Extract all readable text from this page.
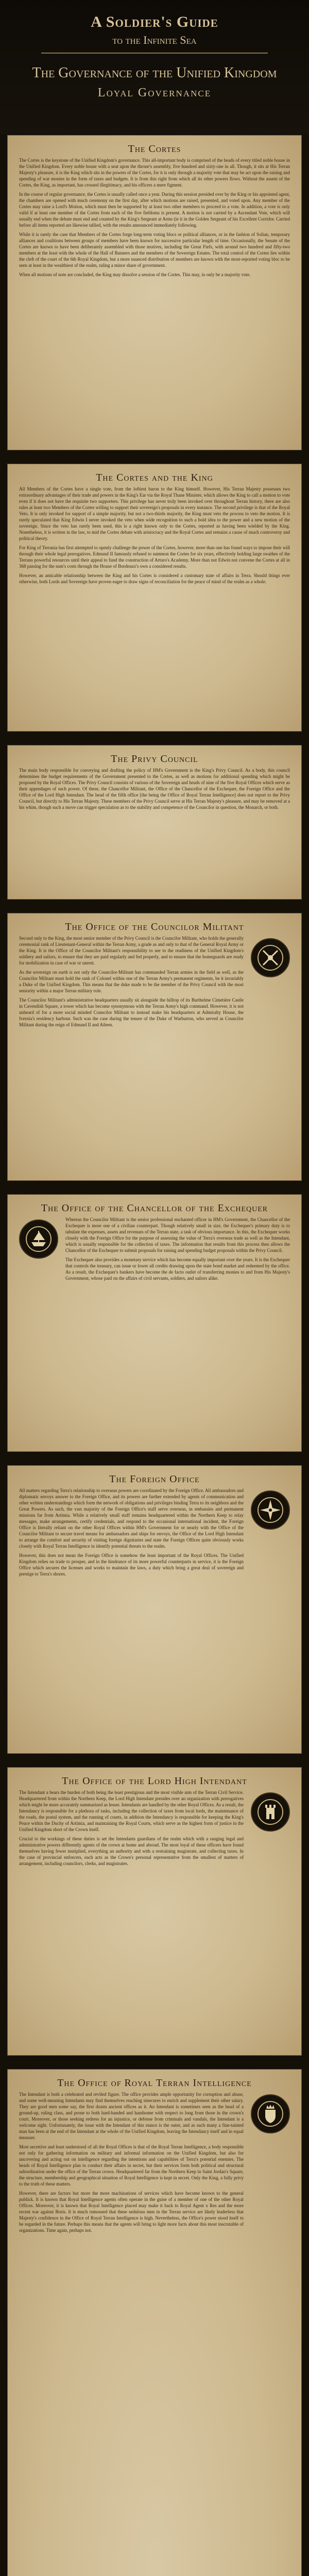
A Soldier's Guide
to the Infinite Sea
The Governance of the Unified Kingdom
Loyal Governance
The Cortes

The Cortes is the keystone of the Unified Kingdom's governance. This all-important body is comprised of the heads of every titled noble house in the Unified Kingdom. Every noble house with a seat upon the throne's assembly, five hundred and sixty-one in all. Though, it sits at His Terran Majesty's pleasure, it is the King which sits in the powers of the Cortes, for it is only through a majority vote that may be act upon the raising and spending of war monies in the form of taxes and budgets. It is from this right from which all its other powers flows. Without the assent of the Cortes, the King, as important, has crossed illegitimacy, and his officers a mere figment.

In the course of regular governance, the Cortes is usually called once a year. During this session presided over by the King or his appointed agent, the chambers are opened with much ceremony on the first day, after which motions are raised, presented, and voted upon. Any member of the Cortes may raise a Lord's Motion, which must then be supported by at least two other members to proceed to a vote. In addition, a vote is only valid if at least one member of the Cortes from each of the five fiefdoms is present. A motion is not carried by a Ascendant Vote, which will usually end when the debate must end and counted by the King's Sergeant at Arms (ie it in the Golden Sergeant of his Excellent Corridor. Carried before all items reported are likewise tallied, with the results announced immediately following.

While it is rarely the case that Members of the Cortes forge long-term voting blocs or political alliances, or in the fashion of Solian, temporary alliances and coalitions between groups of members have been known for successive particular length of time. Occasionally, the Senate of the Cortes are known to have been deliberately assembled with those motives, including the Great Fiefs, with around two hundred and fifty-two members at the least with the whole of the Hall of Banners and the members of the Sovereign Estates. The total control of the Cortes lies within the cleft of the court of the 6th Royal Kingdom, but a more nuanced distribution of members are known with the most-reported voting bloc to be seen at least in the wealthiest of the realm, ruling a minor share of government.

When all motions of note are concluded, the King may dissolve a session of the Cortes. This may, in only be a majority vote.

The Cortes and the King

All Members of the Cortes have a single vote, from the loftiest baron to the King himself. However, His Terran Majesty possesses two extraordinary advantages of their trade and powers in the King's Ear via the Royal Thane Minister, which allows the King to call a motion to vote even if it does not have the requisite two supporters. This privilege has never truly been invoked over throughout Terran history, there are also rules at least two Members of the Cortes willing to support their sovereign's proposals in every instance. The second privilege is that of the Royal Veto. It is only invoked for support of a simple majority, but not a two-thirds majority, the King must veto the process to veto the motion. It is rarely speculated that King Edwin I never invoked the veto when wide recognition to such a bold idea to the power and a new motion of the sovereign. Since the veto has rarely been used, this is a right known only to the Cortes, reported as having been wielded by the King. Nonetheless, it is written in the law, to mid the Cortes debate with aristocracy and the Royal Cortes and remains a cause of much controversy and political theory.

For King of Terrania has first attempted to openly challenge the power of the Cortes, however, more than one has found ways to impose their will through their whole legal prerogatives. Edmund II famously refused to summon the Cortes for six years, effectively holding large swathes of the Terrans powerful resources until their appeal to fund the construction of Arturo's Academy. More than not Edwin not convene the Cortes at all in 368 passing for the sum's costs through the House of Bordeaux's own a considered results.

However, an amicable relationship between the King and his Cortes is considered a customary state of affairs in Terra. Should things ever otherwise, both Lords and Sovereign have proven eager to draw signs of reconciliation for the peace of mind of the realm as a whole.

The Privy Council

The main body responsible for conveying and drafting the policy of HM's Government is the King's Privy Council. As a body, this council determines the budget requirements of the Government presented to the Cortes, as well as motions for additional spending which might be proposed by the Royal Offices. The Privy Council consists of various of the Sovereign and heads of nine of the five Royal Offices which serve as their appendages of such power. Of these, the Chancellor Militant, the Office of the Chancellor of the Exchequer, the Foreign Office and the Office of the Lord High Intendant. The head of the fifth office [the being the Office of Royal Terran Intelligence] does not report to the Privy Council, but directly to His Terran Majesty. These members of the Privy Council serve at His Terran Majesty's pleasure, and may be removed at a his whim, though such a move can trigger speculation as to the stability and competence of the Councilor in question, the Monarch, or both.

The Office of the Councilor Militant

Second only to the King, the most senior member of the Privy Council is the Councilor Militant, who holds the generally ceremonial rank of Lieutenant-General within the Terran Army, a grade as and only to that of the General Royal Army or the King. It is the Office of the Councilor Militant's responsibility to see to the readiness of the Unified Kingdom's soldiery and sailors, to ensure that they are paid regularly and fed properly, and to ensure that the homeguards are ready for mobilization in case of war or unrest.

As the sovereign on earth is not only the Councilor-Militant has commanded Terran armies in the field as well, as the Councilor Militant must hold the rank of Colonel within one of the Terran Army's permanent regiments, be it invariably a Duke of the Unified Kingdom. This means that the duke made to be the member of the Privy Council with the most seniority within a major Terran military role.

The Councilor Militant's administrative headquarters usually sit alongside the hilltop of its Barthelme Cimetière Castle in Cavendish Square, a tower which has become synonymous with the Terran Army's high command. However, it is not unheard of for a more social minded Councilor Militant to instead make his headquarters at Admiralty House, the Ivernia's residency harbour. Such was the case during the tenure of the Duke of Warburton, who served as Councilor Militant during the reign of Edmund II and Aileen.

The Office of the Chancellor of the Exchequer

Whereas the Councilor Militant is the senior professional enchanted officer in HM's Government, the Chancellor of the Exchequer is more one of a civilian counterpart. Though relatively small in size, the Exchequer's primary duty is to tabulate the expenses, assets and revenues of the Terran state, a task of obvious importance. In this, the Exchequer works closely with the Foreign Office for the purpose of assessing the value of Terra's overseas trade as well as the Intendant, which is usually responsible for the collection of taxes. The information that results from this process then allows the Chancellor of the Exchequer to submit proposals for raising and spending budget proposals within the Privy Council.

The Exchequer also provides a monetary service which has become equally important over the years. It is the Exchequer that controls the treasury, can issue or lower all credits drawing upon the state bond market and redeemed by the office. As a result, the Exchequer's bankers have become the de facto outlet of transferring monies to and from His Majesty's Government, whose paid on the affairs of civil servants, soldiers, and sailors alike.

The Foreign Office

All matters regarding Terra's relationship to overseas powers are coordinated by the Foreign Office. All ambassadors and diplomatic envoys answer to the Foreign Office, and its powers are further extended by agents of communication and other written understandings which form the network of obligations and privileges binding Terra to its neighbors and the Great Powers. As such, the vast majority of the Foreign Office's staff serve overseas, in embassies and permanent missions far from Artimia. While a relatively small staff remains headquartered within the Northern Keep to relay messages, make arrangements, certify credentials, and respond to the occasional international incident, the Foreign Office is literally reliant on the other Royal Offices within HM's Government for or nearly with the Office of the Councilor Militant to secure travel means for ambassadors and ships for envoys, the Office of the Lord High Intendant to arrange the comfort and security of visiting foreign dignitaries and state the Foreign Offices quite obviously works closely with Royal Terran Intelligence in identify potential threats to the realm.

However, this does not mean the Foreign Office is somehow the least important of the Royal Offices. The Unified Kingdom relies on trade to prosper, and in the hindrance of its more powerful counterparts in service, it is the Foreign Office which secures the licenses and works to maintain the laws, a duty which bring a great deal of sovereign and prestige to Terra's shores.

The Office of the Lord High Intendant

The Intendant a bears the burden of both being the least prestigious and the most visible arm of the Terran Civil Service. Headquartered from within the Northern Keep, the Lord High Intendant presides over an organization with prerogatives which might be more accurately summarized as lesser. Intendants are handled by the other Royal Offices. As a result, the Intendancy is responsible for a plethora of tasks, including the collection of taxes from local lords, the maintenance of the roads, the postal system, and the running of courts, in addition the Intendancy is responsible for keeping the King's Peace within the Duchy of Artimia, and maintaining the Royal Courts, which serve as the highest form of justice in the Unified Kingdom short of the Crown itself.

Crucial to the workings of these duties is set the Intendants guardians of the realm which with a ranging legal and administrative powers differently agents of the crown at home and abroad. The most loyal of these officers have found themselves having fewer mutiplied, everything an authority and with a restraining magistrate, and collecting taxes. In the case of provincial enforcers, each acts as the Crown's personal representative from the smallest of matters of arrangement, including councilors, clerks, and magistrates.

The Office of Royal Terran Intelligence

The Intendant is both a celebrated and reviled figure. The office provides ample opportunity for corruption and abuse, and some well-meaning Intendants may find themselves reaching sinecures to enrich and supplement their other salary. They are good men some say, the first dozen ancient offices as it. An Intendant is sometimes seen as the head of a ground-up, ruling class, and prone to both hard-handed and handsome with respect to long from those in the crown's court. Moreover, or those seeking redress for an injustice, or defense from criminals and vandals, the Intendant is a welcome sight. Unfortunately, the issue with the Intendant of this stance is the outer, and as such many a fine-tainted man has been at the end of the Intendant at the whole of the Unified Kingdom, leaving the Intendancy itself and in equal measure.

Most secretive and least understood of all the Royal Offices is that of the Royal Terran Intelligence, a body responsible not only for gathering information on military and informal information on the Unified Kingdom, but also for uncovering and acting out on intelligence regarding the intentions and capabilities of Terra's potential enemies. The heads of Royal Intelligence plan to conduct their affairs in secret, but their services form both political and structural subordination under the office of the Terran crown. Headquartered far from the Northern Keep in Saint Jordan's Square, the structure, membership and geographical situation of Royal Intelligence is kept in secret. Only the King, a fully privy to the truth of these matters.

However, there are factors but more the more machinations of services which have become known to the general publick. It is known that Royal Intelligence agents often operate in the guise of a member of one of the other Royal Offices. Moreover, it is known that Royal Intelligence placed may make it back to Royal Agent x Res and the more recent war against Boris. It is much rumoured that these sedulous men in the Terran service are likely leaderless that Majesty's confidence in the Office of Royal Terran Intelligence is high. Nevertheless, the Office's power stood itself to be regarded in the future. Perhaps this means that the agents will bring to light more facts about this most inscrutable of organizations. Time again, perhaps not.
